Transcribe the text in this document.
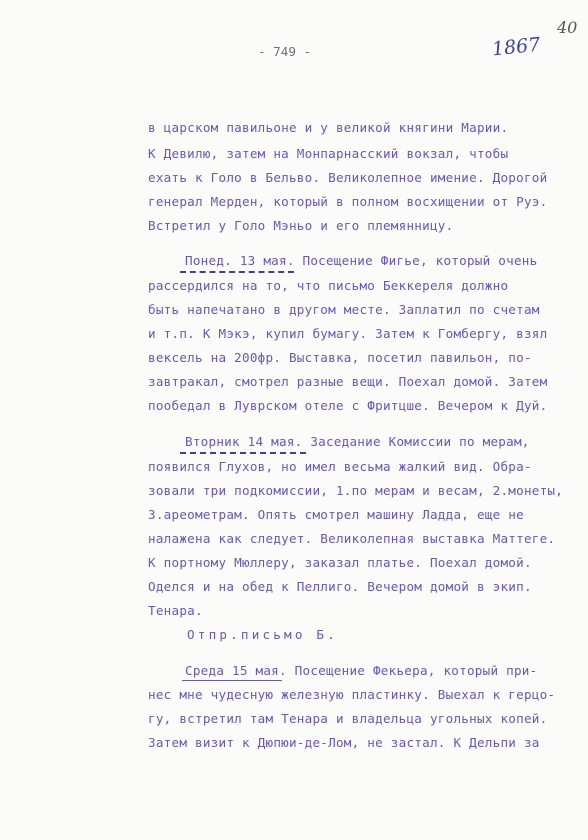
- 749 -	1867
40
в царском павильоне и у великой княгини Марии.
К Девилю, затем на Монпарнасский вокзал, чтобы
ехать к Голо в Бельво. Великолепное имение. Дорогой
генерал Мерден, который в полном восхищении от Руэ.
Встретил у Голо Мэньо и его племянницу.
Понед. 13 мая. Посещение Фигье, который очень
рассердился на то, что письмо Беккереля должно
быть напечатано в другом месте. Заплатил по счетам
и т.п. К Мэкэ, купил бумагу. Затем к Гомбергу, взял
вексель на 200фр. Выставка, посетил павильон, по-
завтракал, смотрел разные вещи. Поехал домой. Затем
пообедал в Луврском отеле с Фритцше. Вечером к Дуй.
Вторник 14 мая. Заседание Комиссии по мерам,
появился Глухов, но имел весьма жалкий вид. Обра-
зовали три подкомиссии, 1.по мерам и весам, 2.монеты,
3.ареометрам. Опять смотрел машину Ладда, еще не
налажена как следует. Великолепная выставка Маттеге.
К портному Мюллеру, заказал платье. Поехал домой.
Оделся и на обед к Пеллиго. Вечером домой в экип.
Тенара.
Отпр.письмо Б.
Среда 15 мая. Посещение Фекьера, который при-
нес мне чудесную железную пластинку. Выехал к герцо-
гу, встретил там Тенара и владельца угольных копей.
Затем визит к Дюпюи-де-Лом, не застал. К Дельпи за
